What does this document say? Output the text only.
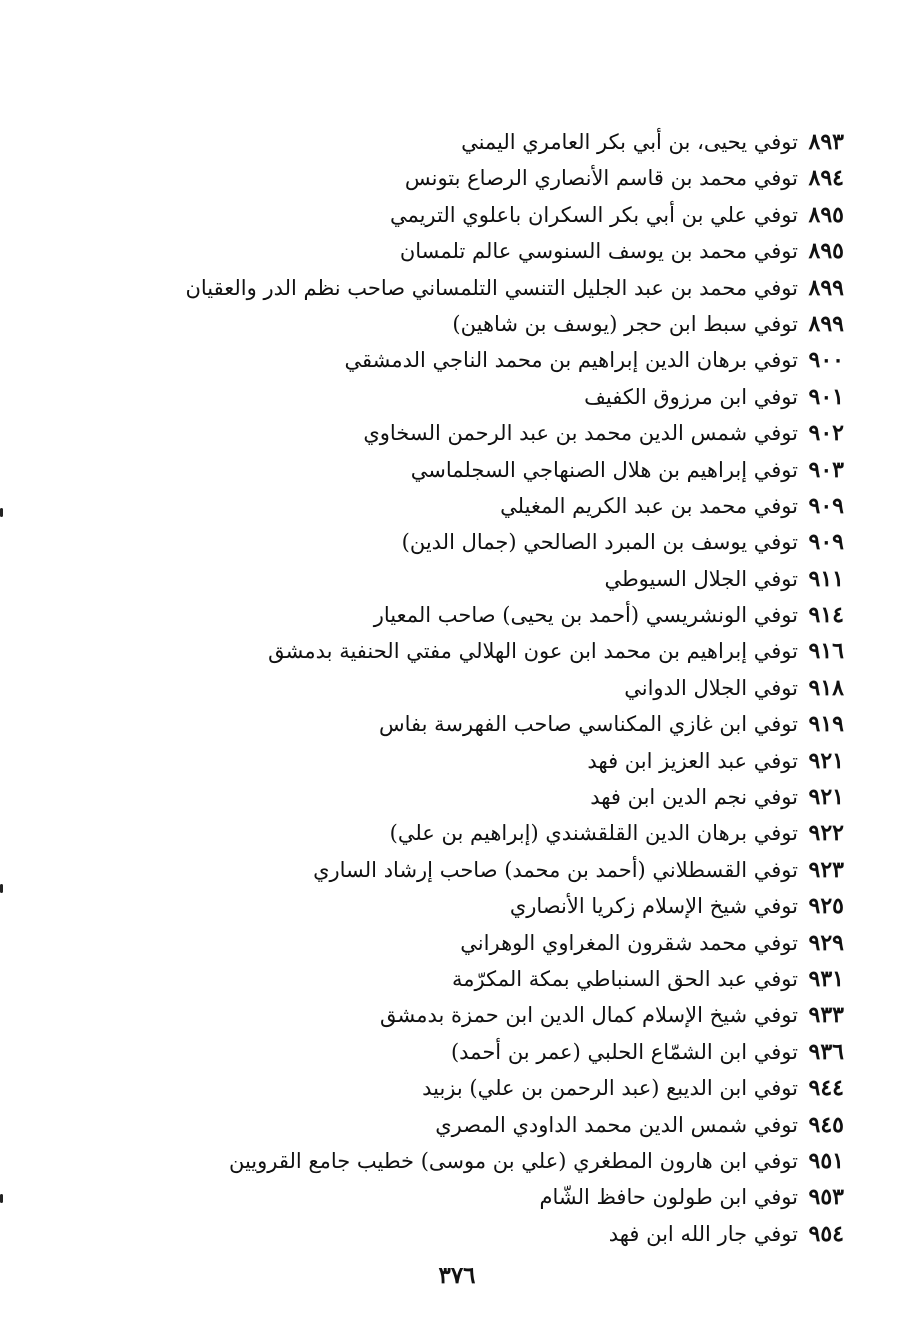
٨٩٣
توفي يحيى، بن أبي بكر العامري اليمني
٨٩٤
توفي محمد بن قاسم الأنصاري الرصاع بتونس
٨٩٥
توفي علي بن أبي بكر السكران باعلوي التريمي
٨٩٥
توفي محمد بن يوسف السنوسي عالم تلمسان
٨٩٩
توفي محمد بن عبد الجليل التنسي التلمساني صاحب نظم الدر والعقيان
٨٩٩
توفي سبط ابن حجر (يوسف بن شاهين)
٩٠٠
توفي برهان الدين إبراهيم بن محمد الناجي الدمشقي
٩٠١
توفي ابن مرزوق الكفيف
٩٠٢
توفي شمس الدين محمد بن عبد الرحمن السخاوي
٩٠٣
توفي إبراهيم بن هلال الصنهاجي السجلماسي
٩٠٩
توفي محمد بن عبد الكريم المغيلي
٩٠٩
توفي يوسف بن المبرد الصالحي (جمال الدين)
٩١١
توفي الجلال السيوطي
٩١٤
توفي الونشريسي (أحمد بن يحيى) صاحب المعيار
٩١٦
توفي إبراهيم بن محمد ابن عون الهلالي مفتي الحنفية بدمشق
٩١٨
توفي الجلال الدواني
٩١٩
توفي ابن غازي المكناسي صاحب الفهرسة بفاس
٩٢١
توفي عبد العزيز ابن فهد
٩٢١
توفي نجم الدين ابن فهد
٩٢٢
توفي برهان الدين القلقشندي (إبراهيم بن علي)
٩٢٣
توفي القسطلاني (أحمد بن محمد) صاحب إرشاد الساري
٩٢٥
توفي شيخ الإسلام زكريا الأنصاري
٩٢٩
توفي محمد شقرون المغراوي الوهراني
٩٣١
توفي عبد الحق السنباطي بمكة المكرّمة
٩٣٣
توفي شيخ الإسلام كمال الدين ابن حمزة بدمشق
٩٣٦
توفي ابن الشمّاع الحلبي (عمر بن أحمد)
٩٤٤
توفي ابن الديبع (عبد الرحمن بن علي) بزبيد
٩٤٥
توفي شمس الدين محمد الداودي المصري
٩٥١
توفي ابن هارون المطغري (علي بن موسى) خطيب جامع القرويين
٩٥٣
توفي ابن طولون حافظ الشّام
٩٥٤
توفي جار الله ابن فهد
٣٧٦
